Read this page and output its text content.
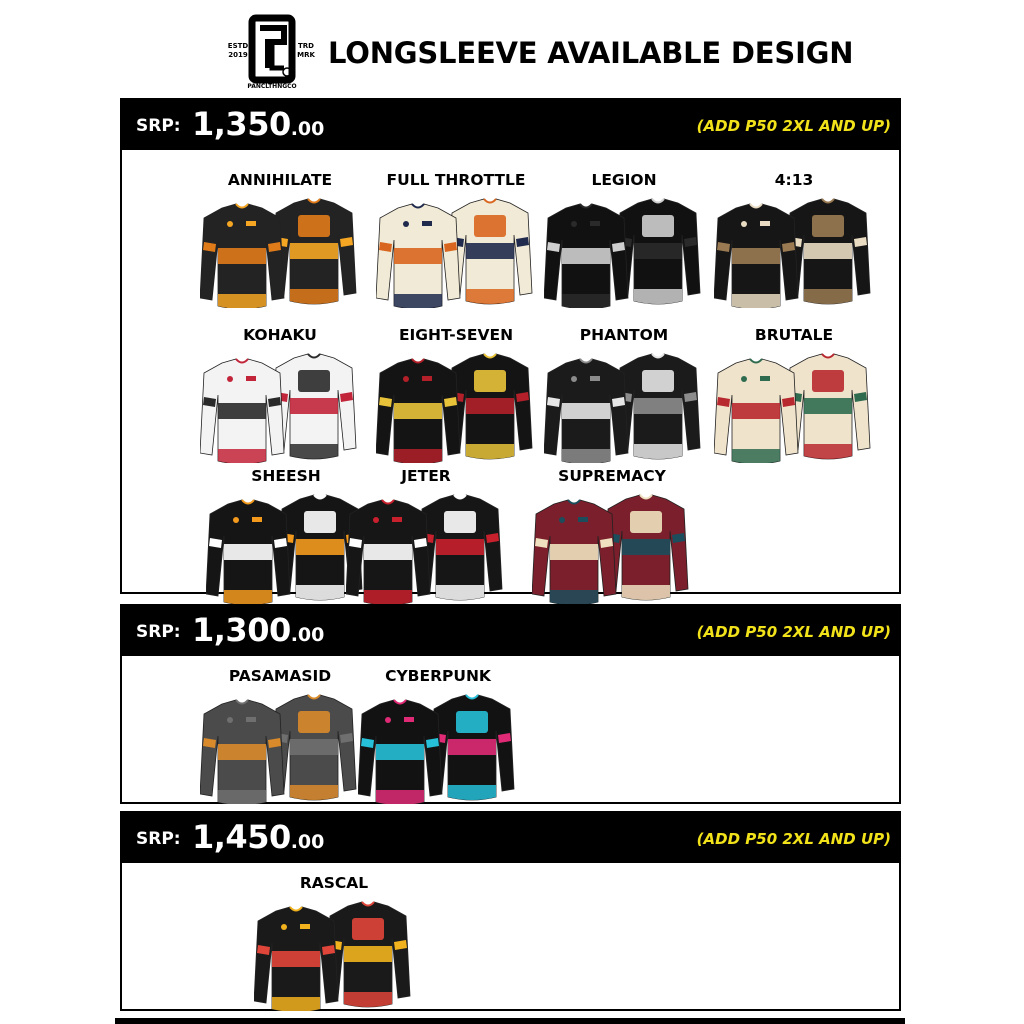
ESTD
2019
TRD
MRK
PANCLTHNGCO
LONGSLEEVE AVAILABLE DESIGN
SRP: 1,350.00	(ADD P50 2XL AND UP)
ANNIHILATE	FULL THROTTLE	LEGION	4:13
KOHAKU	EIGHT-SEVEN	PHANTOM	BRUTALE
SHEESH	JETER	SUPREMACY
SRP: 1,300.00	(ADD P50 2XL AND UP)
PASAMASID	CYBERPUNK
SRP: 1,450.00	(ADD P50 2XL AND UP)
RASCAL
